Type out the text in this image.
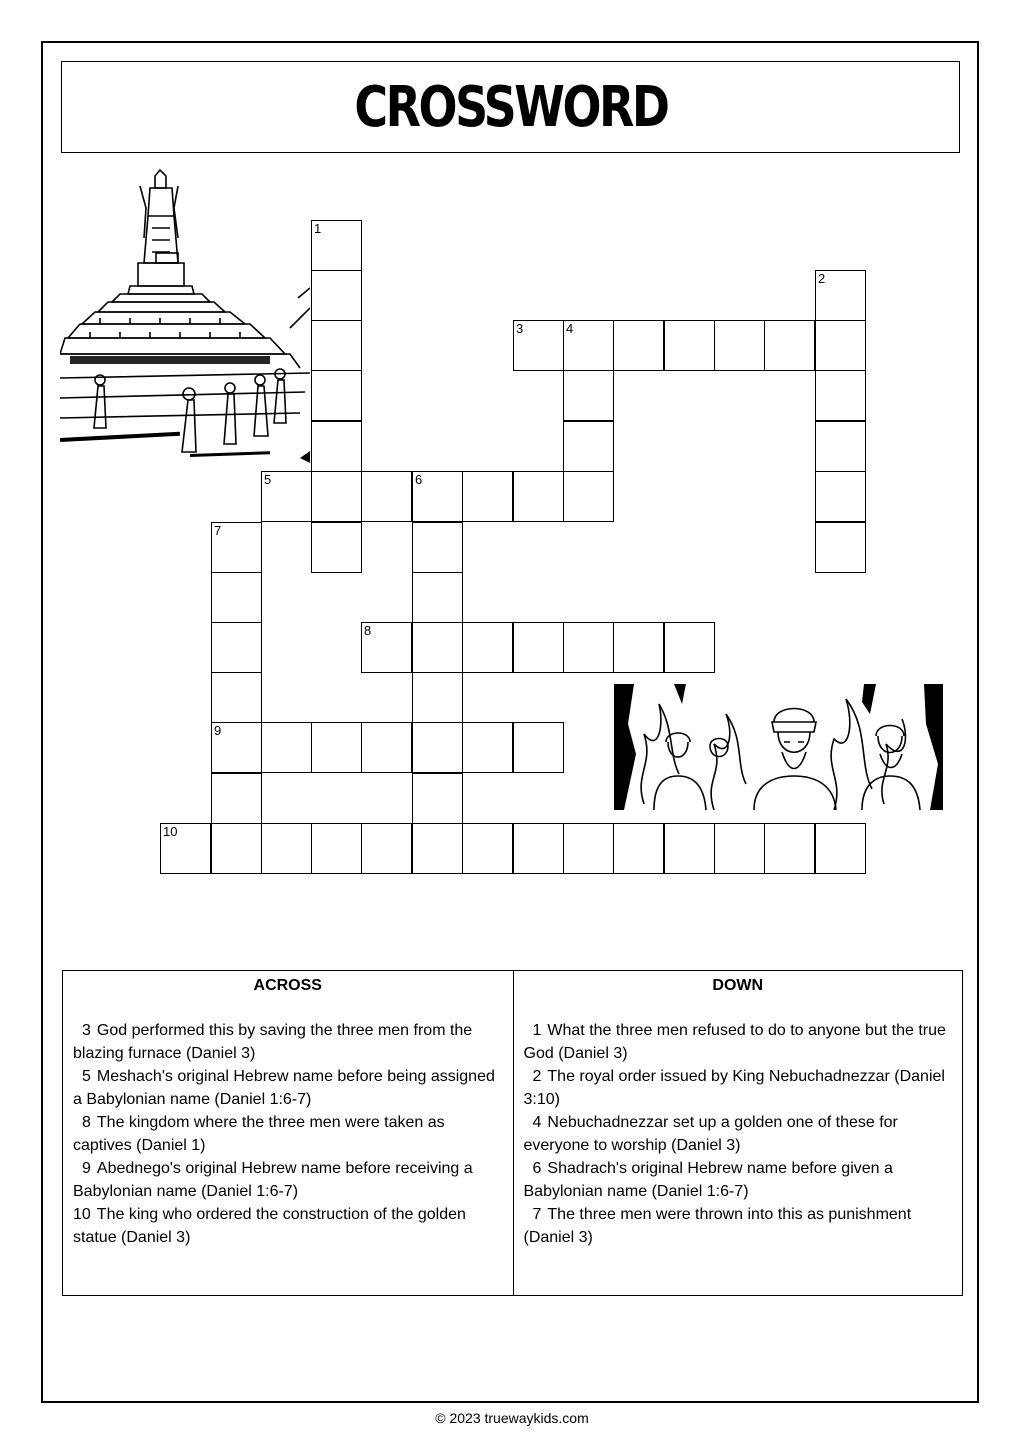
CROSSWORD
1
2
3	4
5	6
7
8
9
10
ACROSS
3 God performed this by saving the three men from the blazing furnace (Daniel 3)
5 Meshach's original Hebrew name before being assigned a Babylonian name (Daniel 1:6-7)
8 The kingdom where the three men were taken as captives (Daniel 1)
9 Abednego's original Hebrew name before receiving a Babylonian name (Daniel 1:6-7)
10 The king who ordered the construction of the golden statue (Daniel 3)
DOWN
1 What the three men refused to do to anyone but the true God (Daniel 3)
2 The royal order issued by King Nebuchadnezzar (Daniel 3:10)
4 Nebuchadnezzar set up a golden one of these for everyone to worship (Daniel 3)
6 Shadrach's original Hebrew name before given a Babylonian name (Daniel 1:6-7)
7 The three men were thrown into this as punishment (Daniel 3)
© 2023 truewaykids.com
